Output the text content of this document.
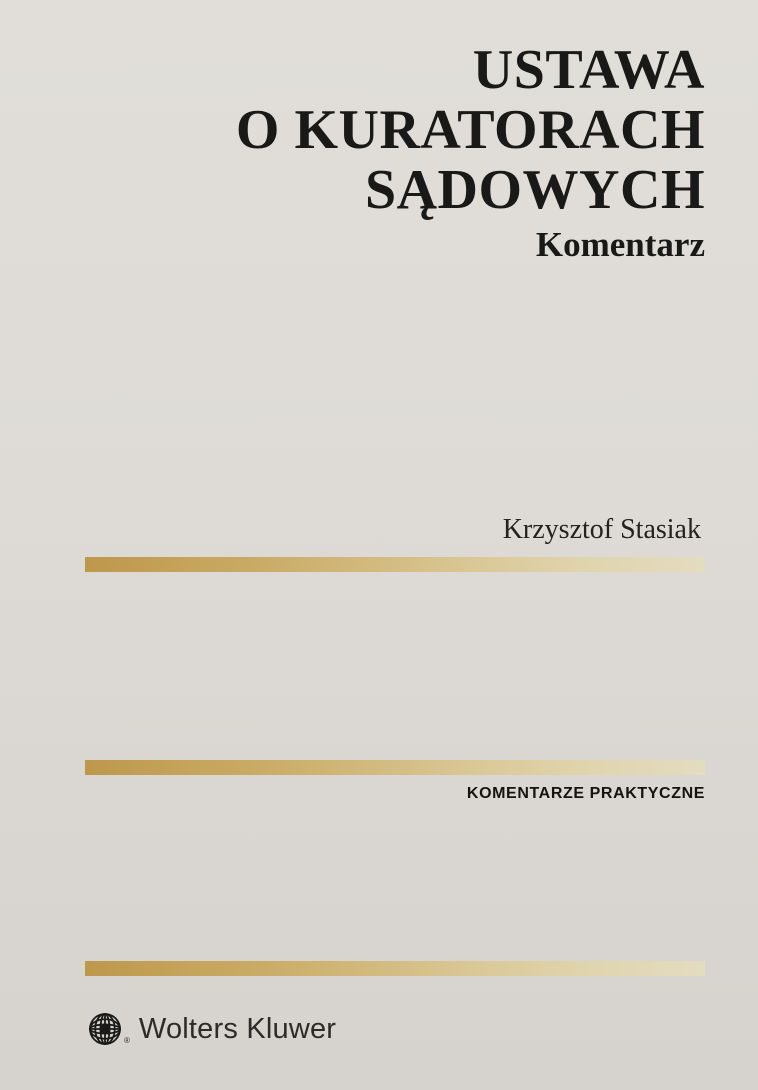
USTAWA
O KURATORACH
SĄDOWYCH
Komentarz
Krzysztof Stasiak
KOMENTARZE PRAKTYCZNE
® Wolters Kluwer
